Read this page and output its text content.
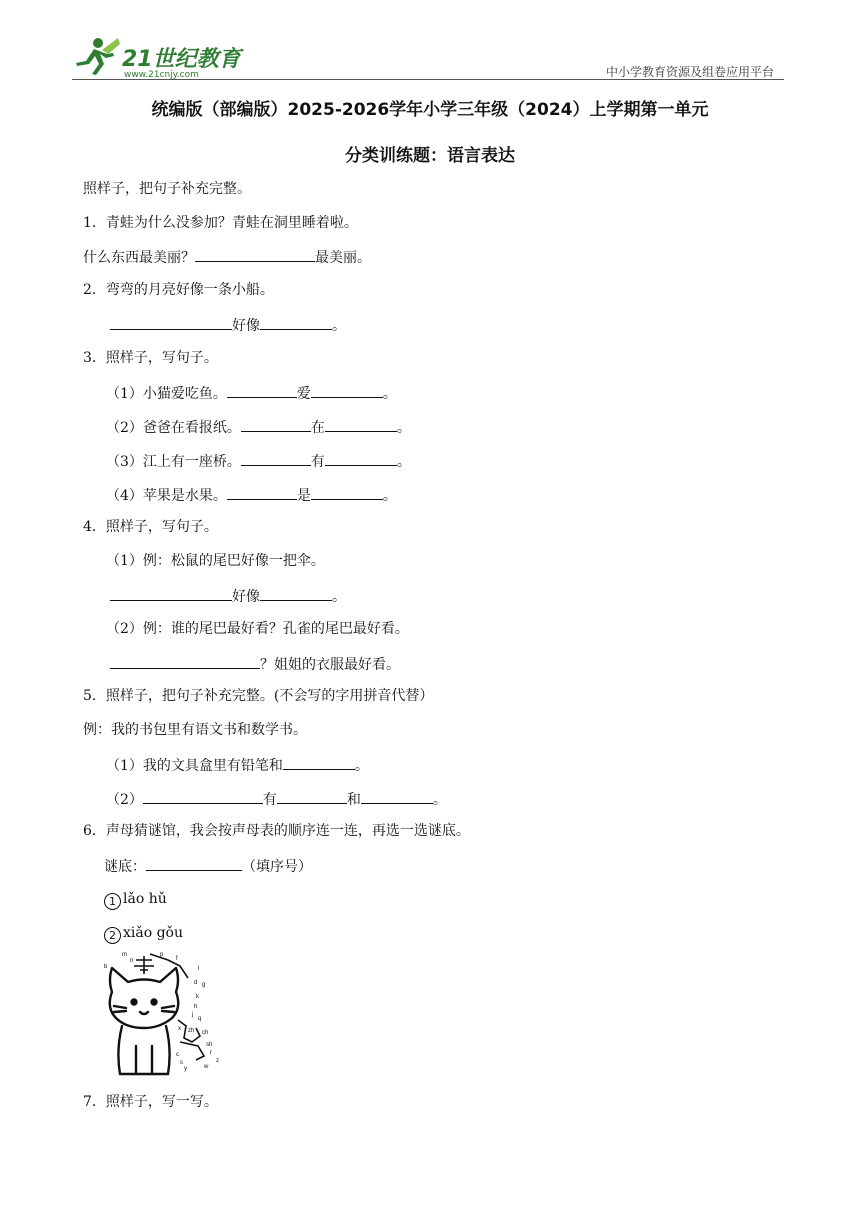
21世纪教育
www.21cnjy.com	中小学教育资源及组卷应用平台
统编版（部编版）2025-2026学年小学三年级（2024）上学期第一单元
分类训练题：语言表达
照样子，把句子补充完整。
1．青蛙为什么没参加？青蛙在洞里睡着啦。
什么东西最美丽？	最美丽。
2．弯弯的月亮好像一条小船。
好像	。
3．照样子，写句子。
（1）小猫爱吃鱼。	爱	。
（2）爸爸在看报纸。	在	。
（3）江上有一座桥。	有	。
（4）苹果是水果。	是	。
4．照样子，写句子。
（1）例：松鼠的尾巴好像一把伞。
好像	。
（2）例：谁的尾巴最好看？孔雀的尾巴最好看。
？姐姐的衣服最好看。
5．照样子，把句子补充完整。(不会写的字用拼音代替）
例：我的书包里有语文书和数学书。
（1）我的文具盒里有铅笔和	。
（2）	有	和	。
6．声母猜谜馆，我会按声母表的顺序连一连，再选一选谜底。
谜底：	（填序号）
1 lǎo hǔ
2 xiǎo gǒu
b
m
n
p
f
l
d g
k
h
j
q
x zh ch
sh
r
z
c
s
y	w
7．照样子，写一写。
